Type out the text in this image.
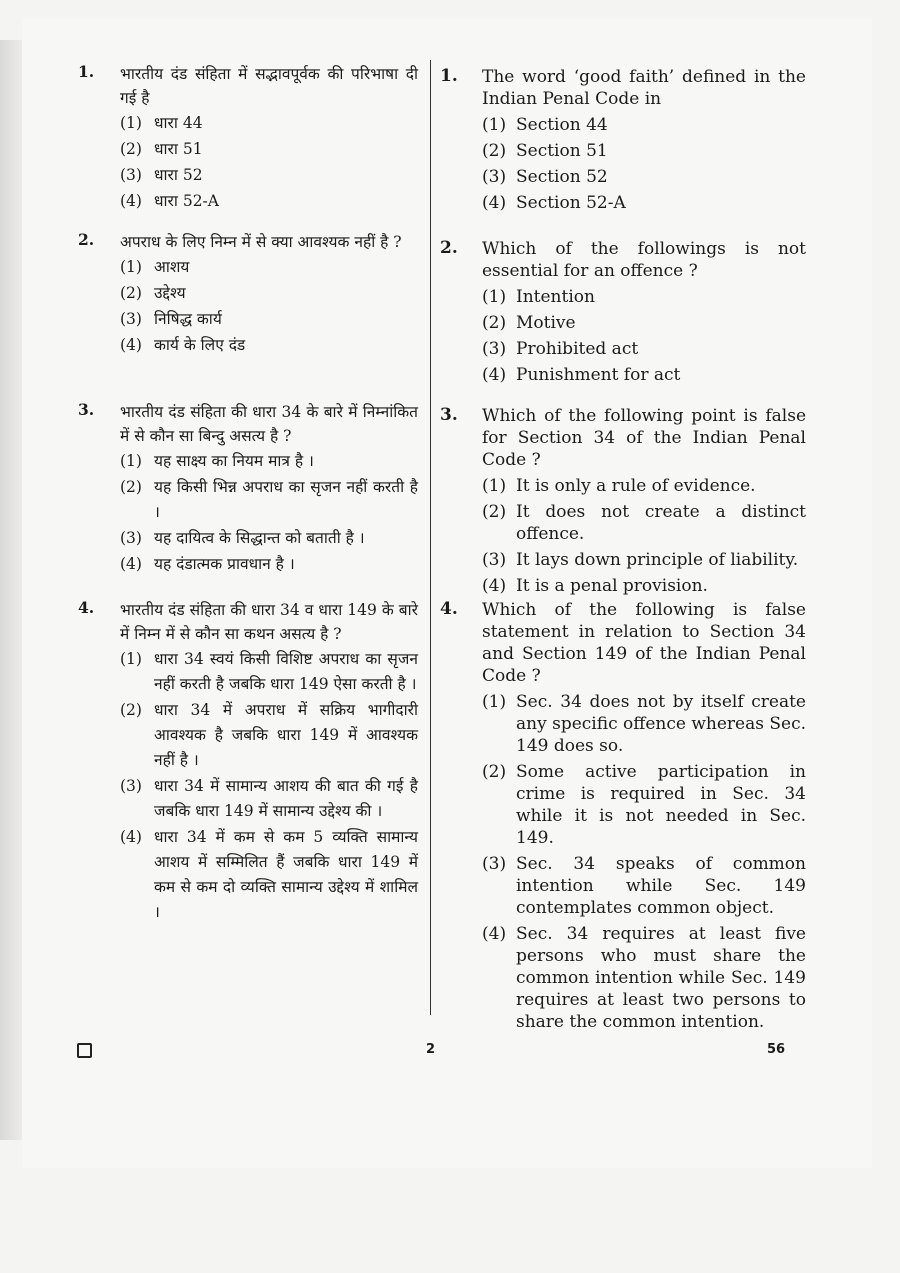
1. भारतीय दंड संहिता में सद्भावपूर्वक की परिभाषा दी गई है
(1) धारा 44
(2) धारा 51
(3) धारा 52
(4) धारा 52-A
2. अपराध के लिए निम्न में से क्या आवश्यक नहीं है ?
(1) आशय
(2) उद्देश्य
(3) निषिद्ध कार्य
(4) कार्य के लिए दंड
3. भारतीय दंड संहिता की धारा 34 के बारे में निम्नांकित में से कौन सा बिन्दु असत्य है ?
(1) यह साक्ष्य का नियम मात्र है ।
(2) यह किसी भिन्न अपराध का सृजन नहीं करती है ।
(3) यह दायित्व के सिद्धान्त को बताती है ।
(4) यह दंडात्मक प्रावधान है ।
4. भारतीय दंड संहिता की धारा 34 व धारा 149 के बारे में निम्न में से कौन सा कथन असत्य है ?
(1) धारा 34 स्वयं किसी विशिष्ट अपराध का सृजन नहीं करती है जबकि धारा 149 ऐसा करती है ।
(2) धारा 34 में अपराध में सक्रिय भागीदारी आवश्यक है जबकि धारा 149 में आवश्यक नहीं है ।
(3) धारा 34 में सामान्य आशय की बात की गई है जबकि धारा 149 में सामान्य उद्देश्य की ।
(4) धारा 34 में कम से कम 5 व्यक्ति सामान्य आशय में सम्मिलित हैं जबकि धारा 149 में कम से कम दो व्यक्ति सामान्य उद्देश्य में शामिल ।
1. The word ‘good faith’ defined in the Indian Penal Code in
(1) Section 44
(2) Section 51
(3) Section 52
(4) Section 52-A
2. Which of the followings is not essential for an offence ?
(1) Intention
(2) Motive
(3) Prohibited act
(4) Punishment for act
3. Which of the following point is false for Section 34 of the Indian Penal Code ?
(1) It is only a rule of evidence.
(2) It does not create a distinct offence.
(3) It lays down principle of liability.
(4) It is a penal provision.
4. Which of the following is false statement in relation to Section 34 and Section 149 of the Indian Penal Code ?
(1) Sec. 34 does not by itself create any specific offence whereas Sec. 149 does so.
(2) Some active participation in crime is required in Sec. 34 while it is not needed in Sec. 149.
(3) Sec. 34 speaks of common intention while Sec. 149 contemplates common object.
(4) Sec. 34 requires at least five persons who must share the common intention while Sec. 149 requires at least two persons to share the common intention.
2	56
